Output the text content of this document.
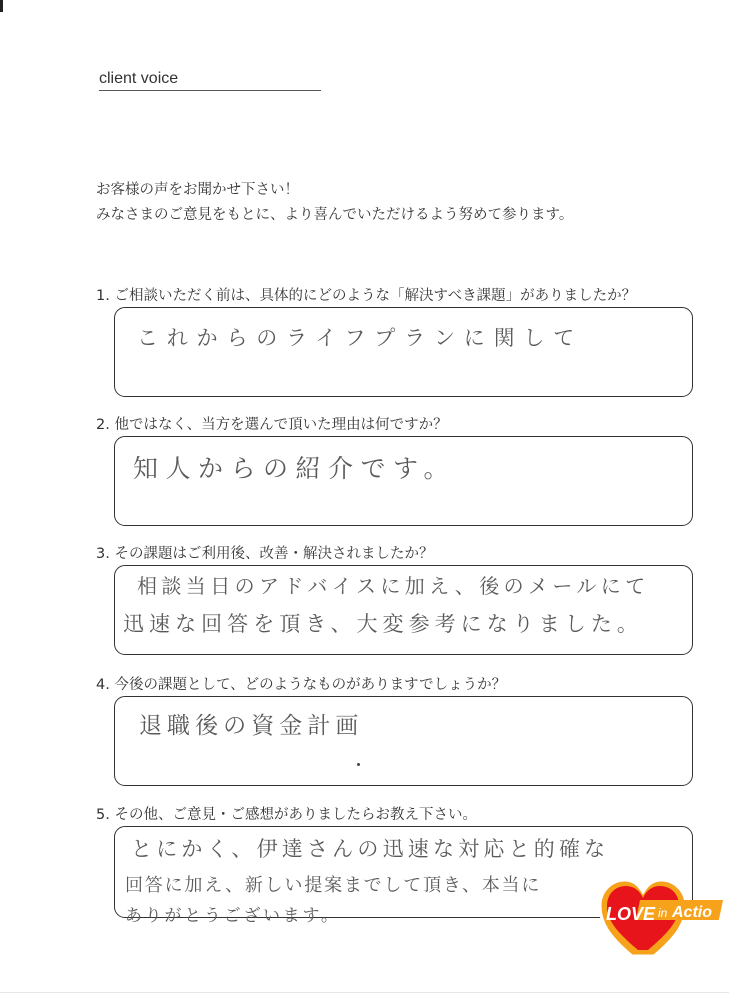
client voice
お客様の声をお聞かせ下さい！
みなさまのご意見をもとに、より喜んでいただけるよう努めて参ります。
1. ご相談いただく前は、具体的にどのような「解決すべき課題」がありましたか？
これからのライフプランに関して
2. 他ではなく、当方を選んで頂いた理由は何ですか？
知人からの紹介です。
3. その課題はご利用後、改善・解決されましたか？
相談当日のアドバイスに加え、後のメールにて
迅速な回答を頂き、大変参考になりました。
4. 今後の課題として、どのようなものがありますでしょうか？
退職後の資金計画
5. その他、ご意見・ご感想がありましたらお教え下さい。
とにかく、伊達さんの迅速な対応と的確な
回答に加え、新しい提案までして頂き、本当に
ありがとうございます。	LOVE in Actio
